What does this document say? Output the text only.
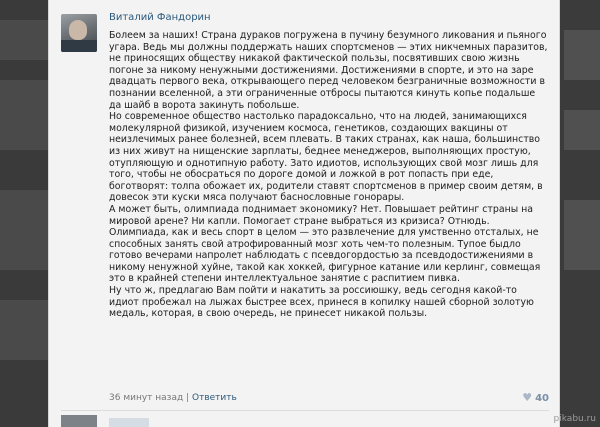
Виталий Фандорин

Болеем за наших! Страна дураков погружена в пучину безумного ликования и пьяного угара. Ведь мы должны поддержать наших спортсменов — этих никчемных паразитов, не приносящих обществу никакой фактической пользы, посвятивших свою жизнь погоне за никому ненужными достижениями. Достижениями в спорте, и это на заре двадцать первого века, открывающего перед человеком безграничные возможности в познании вселенной, а эти ограниченные отбросы пытаются кинуть копье подальше да шайб в ворота закинуть побольше.

Но современное общество настолько парадоксально, что на людей, занимающихся молекулярной физикой, изучением космоса, генетиков, создающих вакцины от неизлечимых ранее болезней, всем плевать. В таких странах, как наша, большинство из них живут на нищенские зарплаты, беднее менеджеров, выполняющих простую, отупляющую и однотипную работу. Зато идиотов, использующих свой мозг лишь для того, чтобы не обосраться по дороге домой и ложкой в рот попасть при еде, боготворят: толпа обожает их, родители ставят спортсменов в пример своим детям, в довесок эти куски мяса получают баснословные гонорары.

А может быть, олимпиада поднимает экономику? Нет. Повышает рейтинг страны на мировой арене? Ни капли. Помогает стране выбраться из кризиса? Отнюдь. Олимпиада, как и весь спорт в целом — это развлечение для умственно отсталых, не способных занять свой атрофированный мозг хоть чем-то полезным. Тупое быдло готово вечерами напролет наблюдать с псевдогордостью за псевдодостижениями в никому ненужной хуйне, такой как хоккей, фигурное катание или керлинг, совмещая это в крайней степени интеллектуальное занятие с распитием пивка.

Ну что ж, предлагаю Вам пойти и накатить за россиюшку, ведь сегодня какой-то идиот пробежал на лыжах быстрее всех, принеся в копилку нашей сборной золотую медаль, которая, в свою очередь, не принесет никакой пользы.

36 минут назад | Ответить	♥ 40
pikabu.ru
